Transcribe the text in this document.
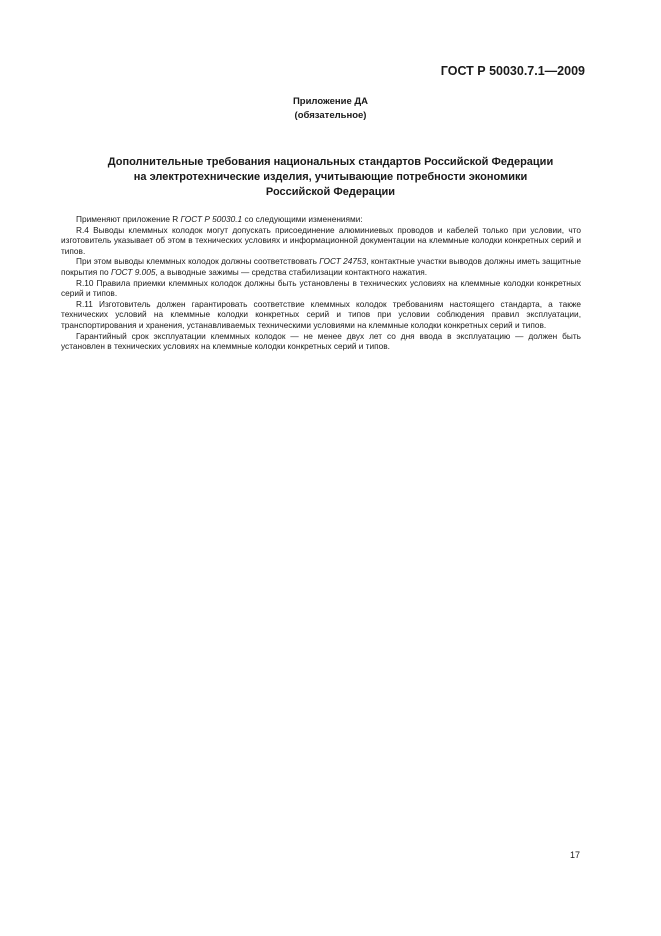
ГОСТ Р 50030.7.1—2009
Приложение ДА
(обязательное)
Дополнительные требования национальных стандартов Российской Федерации
на электротехнические изделия, учитывающие потребности экономики
Российской Федерации

Применяют приложение R ГОСТ Р 50030.1 со следующими изменениями:

R.4 Выводы клеммных колодок могут допускать присоединение алюминиевых проводов и кабелей только при условии, что изготовитель указывает об этом в технических условиях и информационной документации на клеммные колодки конкретных серий и типов.

При этом выводы клеммных колодок должны соответствовать ГОСТ 24753, контактные участки выводов должны иметь защитные покрытия по ГОСТ 9.005, а выводные зажимы — средства стабилизации контактного нажатия.

R.10 Правила приемки клеммных колодок должны быть установлены в технических условиях на клеммные колодки конкретных серий и типов.

R.11 Изготовитель должен гарантировать соответствие клеммных колодок требованиям настоящего стандарта, а также технических условий на клеммные колодки конкретных серий и типов при условии соблюдения правил эксплуатации, транспортирования и хранения, устанавливаемых техническими условиями на клеммные колодки конкретных серий и типов.

Гарантийный срок эксплуатации клеммных колодок — не менее двух лет со дня ввода в эксплуатацию — должен быть установлен в технических условиях на клеммные колодки конкретных серий и типов.

17
